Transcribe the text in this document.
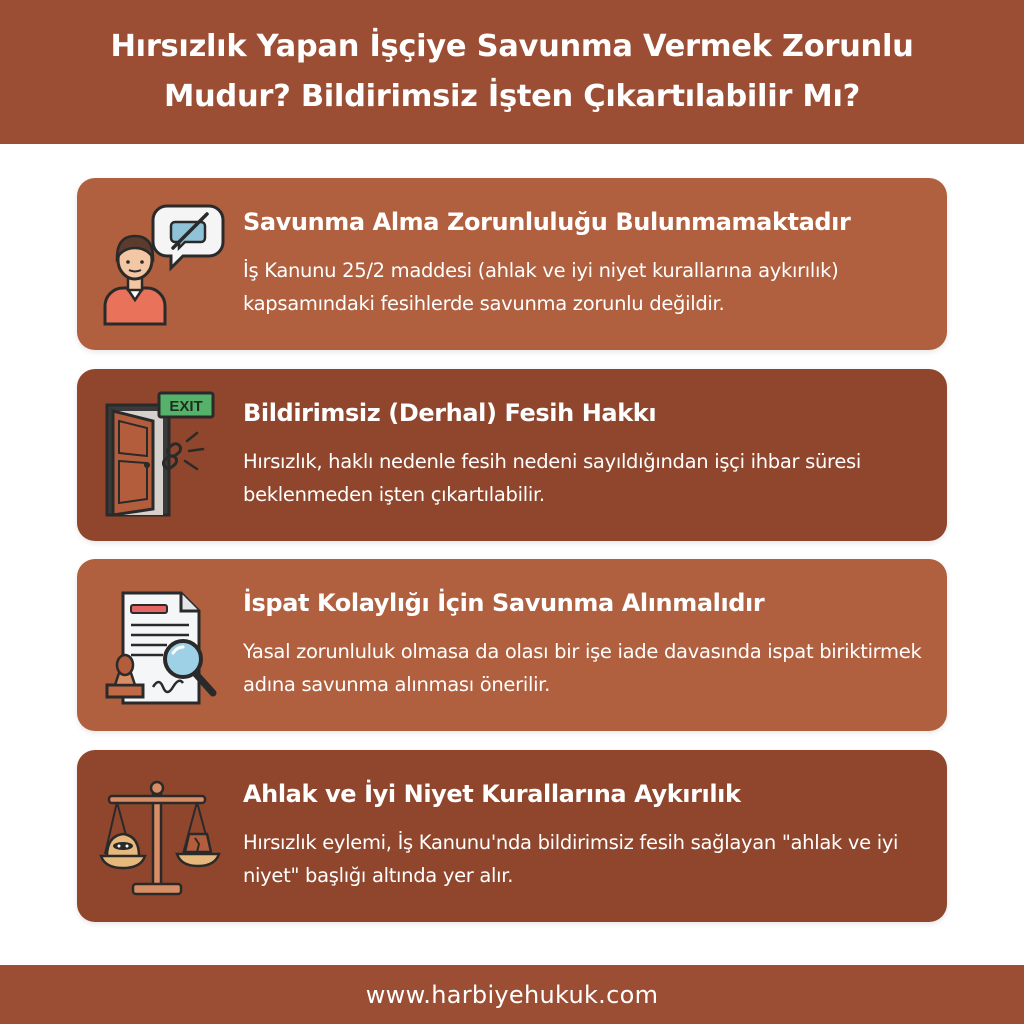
Hırsızlık Yapan İşçiye Savunma Vermek Zorunlu
Mudur? Bildirimsiz İşten Çıkartılabilir Mı?
Savunma Alma Zorunluluğu Bulunmamaktadır
İş Kanunu 25/2 maddesi (ahlak ve iyi niyet kurallarına aykırılık) kapsamındaki fesihlerde savunma zorunlu değildir.
EXIT Bildirimsiz (Derhal) Fesih Hakkı
Hırsızlık, haklı nedenle fesih nedeni sayıldığından işçi ihbar süresi beklenmeden işten çıkartılabilir.
İspat Kolaylığı İçin Savunma Alınmalıdır
Yasal zorunluluk olmasa da olası bir işe iade davasında ispat biriktirmek adına savunma alınması önerilir.
Ahlak ve İyi Niyet Kurallarına Aykırılık
Hırsızlık eylemi, İş Kanunu'nda bildirimsiz fesih sağlayan "ahlak ve iyi niyet" başlığı altında yer alır.
www.harbiyehukuk.com
